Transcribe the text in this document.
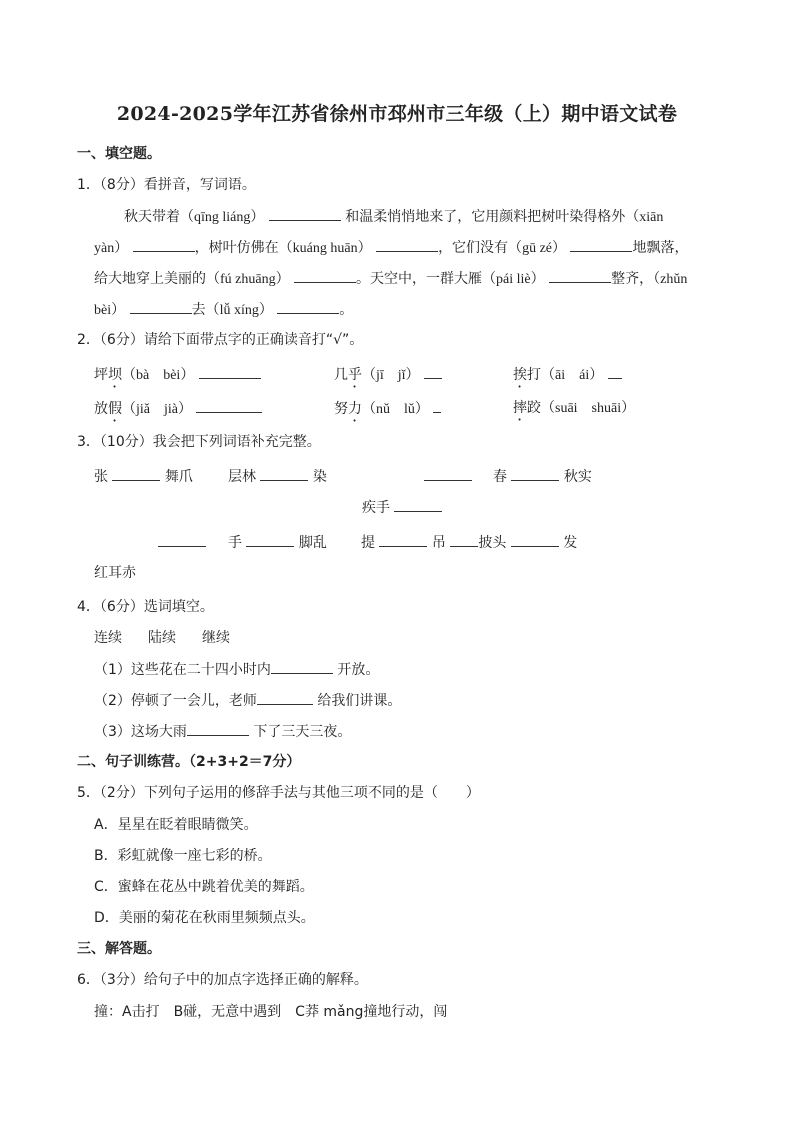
2024-2025学年江苏省徐州市邳州市三年级（上）期中语文试卷
一、填空题。
1．（8分）看拼音，写词语。
秋天带着（qīng liáng）	和温柔悄悄地来了，它用颜料把树叶染得格外（xiān
yàn）	，树叶仿佛在（kuáng huān）	，它们没有（gū zé）	地飘落，
给大地穿上美丽的（fú zhuāng）	。天空中，一群大雁（pái liè）	整齐，（zhǔn
bèi）	去（lǚ xíng）	。
2．（6分）请给下面带点字的正确读音打“√”。
坪坝（bà　bèi）	几乎（jī　jǐ）	挨打（āi　ái）
放假（jiǎ　jià）	努力（nǔ　lǔ）	摔跤（suāi　shuāi）
3．（10分）我会把下列词语补充完整。
张	舞爪	层林	染	春	秋实
疾手
手	脚乱 提	吊 披头	发
红耳赤
4．（6分）选词填空。
连续 陆续 继续
（1）这些花在二十四小时内	开放。
（2）停顿了一会儿，老师	给我们讲课。
（3）这场大雨	下了三天三夜。
二、句子训练营。（2+3+2＝7分）
5．（2分）下列句子运用的修辞手法与其他三项不同的是（　　）
A．星星在眨着眼睛微笑。
B．彩虹就像一座七彩的桥。
C．蜜蜂在花丛中跳着优美的舞蹈。
D．美丽的菊花在秋雨里频频点头。
三、解答题。
6．（3分）给句子中的加点字选择正确的解释。
撞：A击打　B碰，无意中遇到　C莽 mǎng撞地行动，闯
